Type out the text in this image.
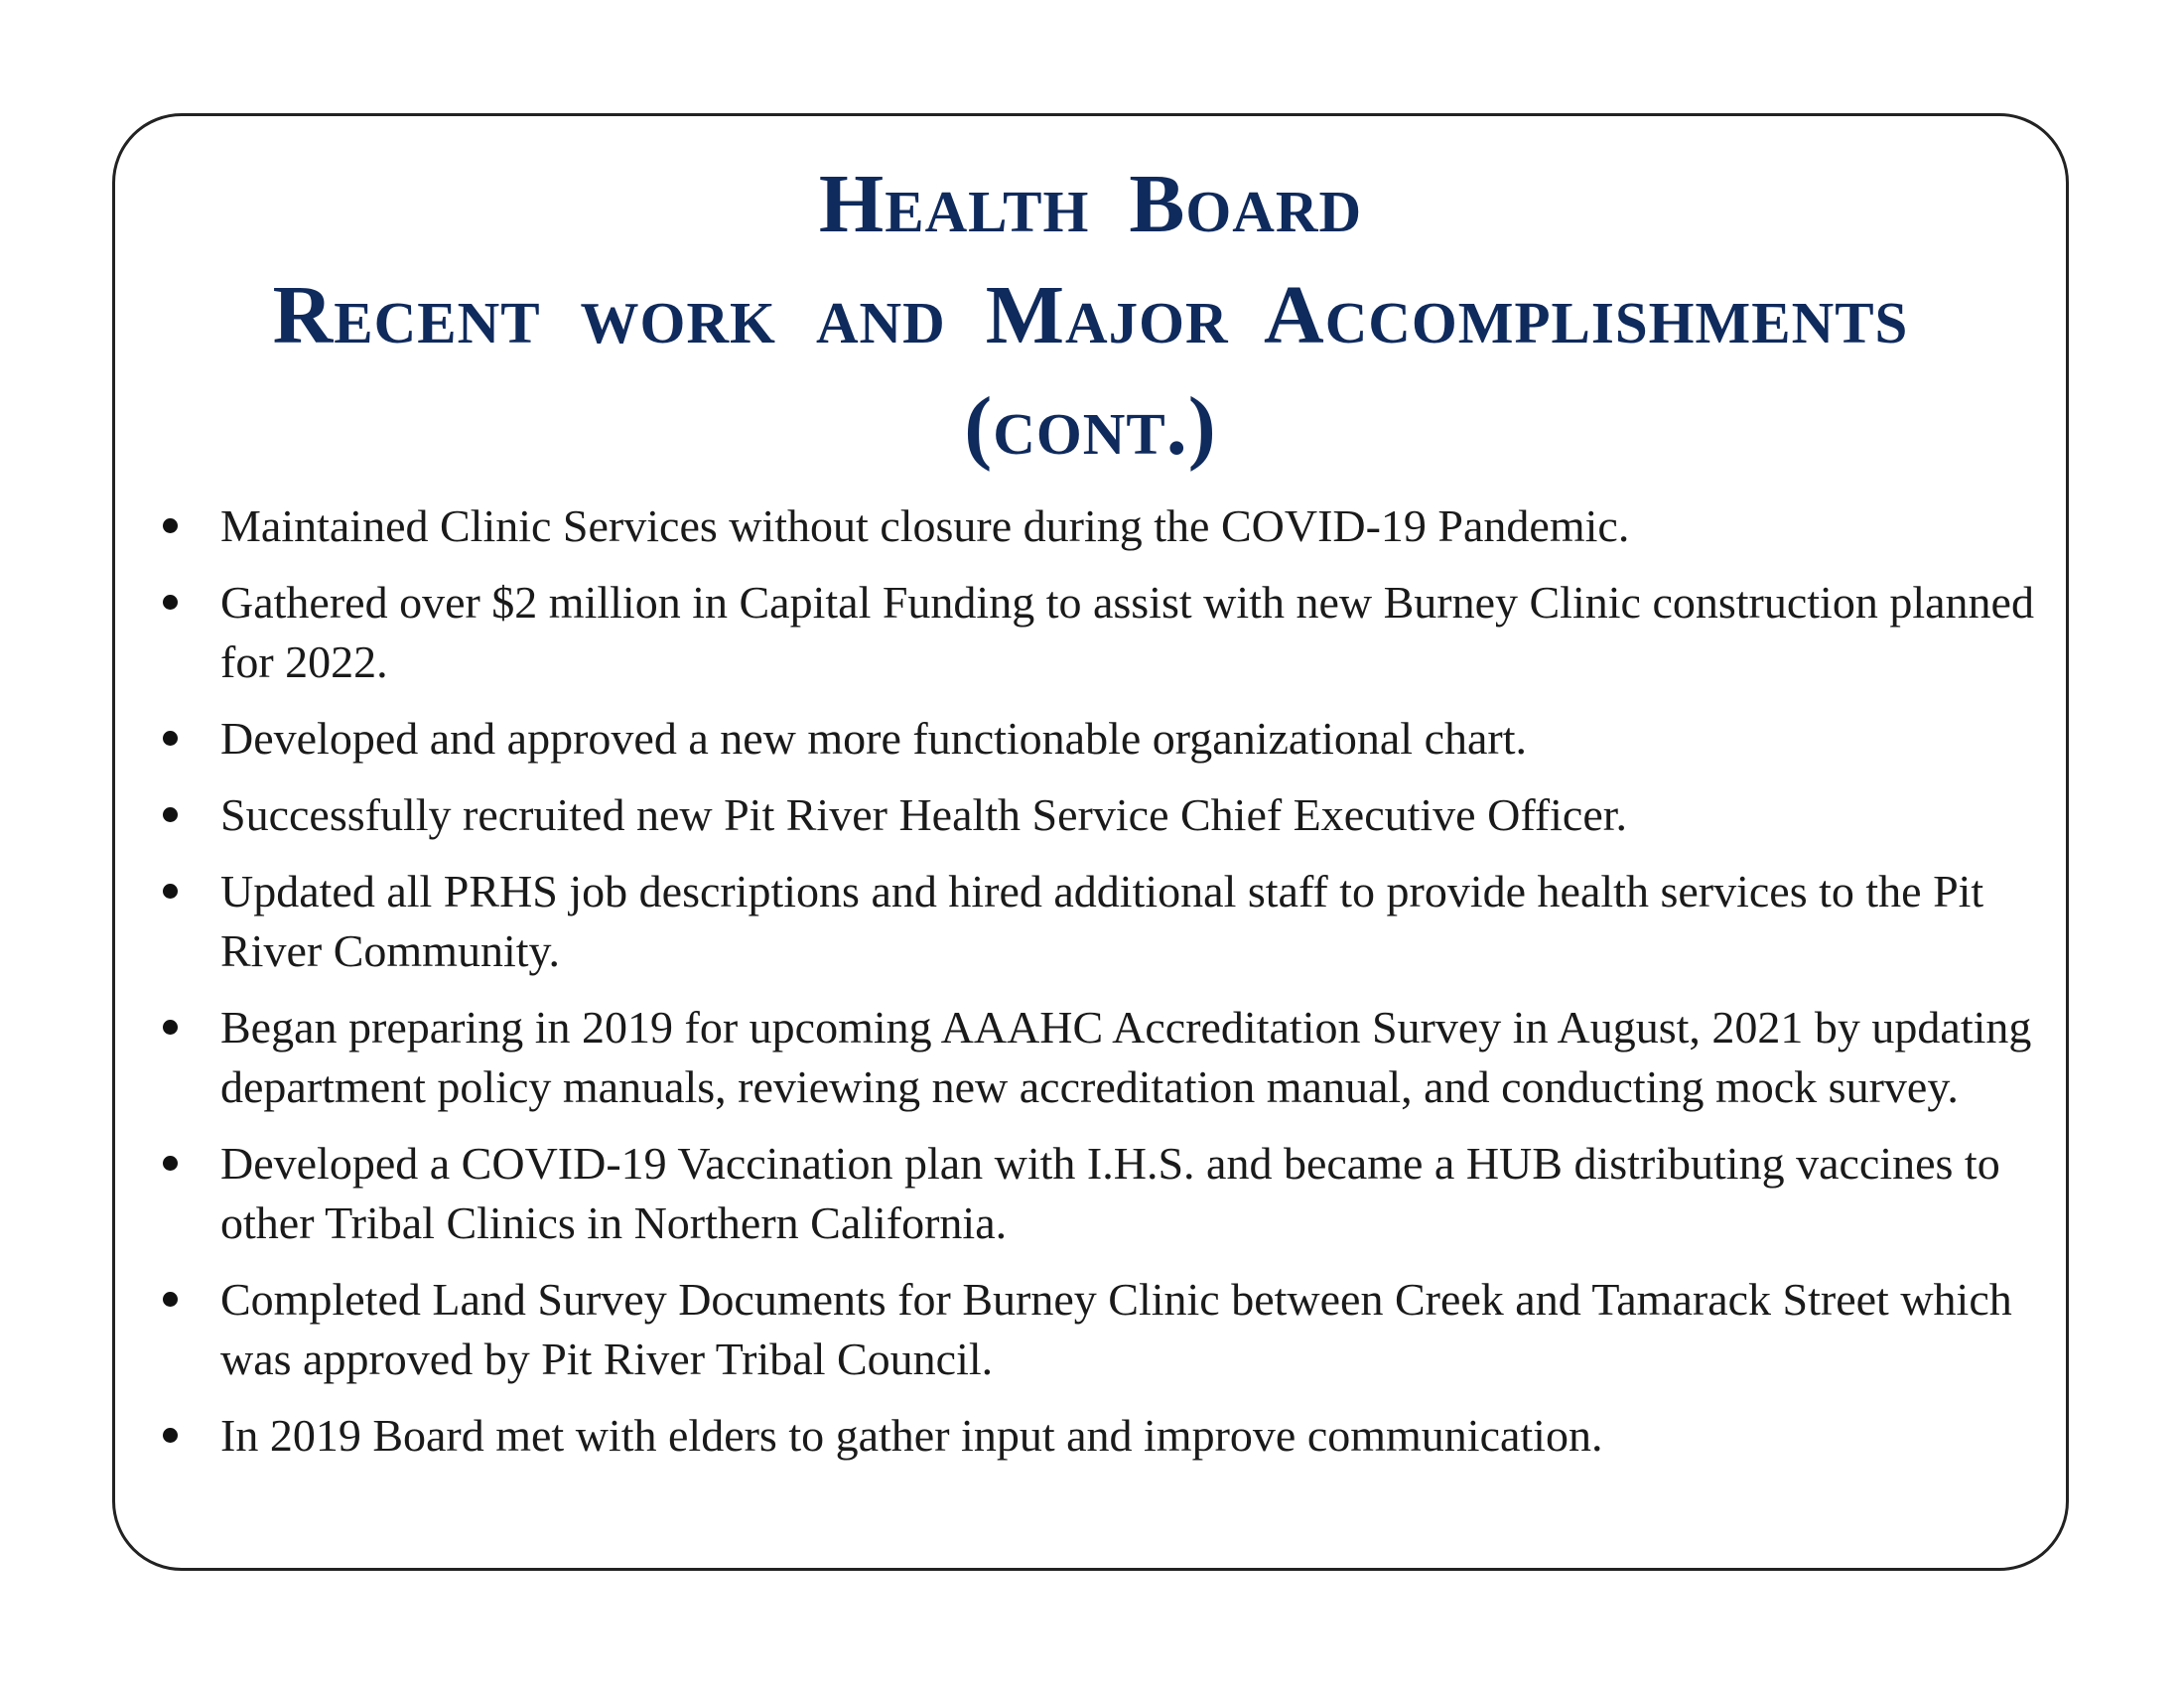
Health Board
Recent work and Major Accomplishments
(cont.)
Maintained Clinic Services without closure during the COVID-19 Pandemic.
Gathered over $2 million in Capital Funding to assist with new Burney Clinic construction planned for 2022.
Developed and approved a new more functionable organizational chart.
Successfully recruited new Pit River Health Service Chief Executive Officer.
Updated all PRHS job descriptions and hired additional staff to provide health services to the Pit River Community.
Began preparing in 2019 for upcoming AAAHC Accreditation Survey in August, 2021 by updating department policy manuals, reviewing new accreditation manual, and conducting mock survey.
Developed a COVID-19 Vaccination plan with I.H.S. and became a HUB distributing vaccines to other Tribal Clinics in Northern California.
Completed Land Survey Documents for Burney Clinic between Creek and Tamarack Street which was approved by Pit River Tribal Council.
In 2019 Board met with elders to gather input and improve communication.
